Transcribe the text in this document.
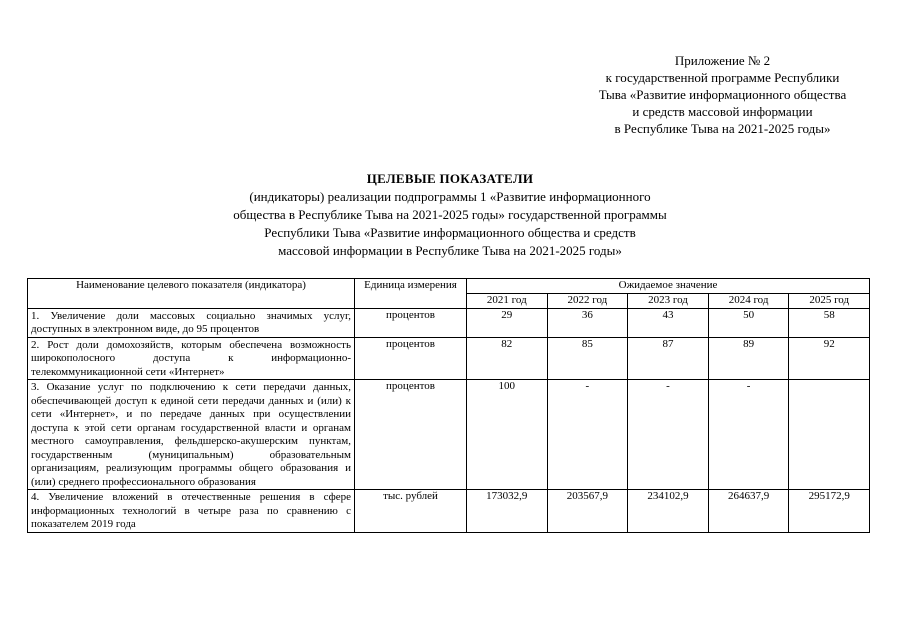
Приложение № 2
к государственной программе Республики
Тыва «Развитие информационного общества
и средств массовой информации
в Республике Тыва на 2021-2025 годы»
ЦЕЛЕВЫЕ ПОКАЗАТЕЛИ
(индикаторы) реализации подпрограммы 1 «Развитие информационного
общества в Республике Тыва на 2021-2025 годы» государственной программы
Республики Тыва «Развитие информационного общества и средств
массовой информации в Республике Тыва на 2021-2025 годы»
Наименование целевого показателя (индикатора)	Единица измерения	Ожидаемое значение				
		2021 год	2022 год	2023 год	2024 год	2025 год
1. Увеличение доли массовых социально значимых услуг, доступных в электронном виде, до 95 процентов	процентов	29	36	43	50	58
2. Рост доли домохозяйств, которым обеспечена возможность широкополосного доступа к информационно-телекоммуникационной сети «Интернет»	процентов	82	85	87	89	92
3. Оказание услуг по подключению к сети передачи данных, обеспечивающей доступ к единой сети передачи данных и (или) к сети «Интернет», и по передаче данных при осуществлении доступа к этой сети органам государственной власти и органам местного самоуправления, фельдшерско-акушерским пунктам, государственным (муниципальным) образовательным организациям, реализующим программы общего образования и (или) среднего профессионального образования	процентов	100	-	-	-	
4. Увеличение вложений в отечественные решения в сфере информационных технологий в четыре раза по сравнению с показателем 2019 года	тыс. рублей	173032,9	203567,9	234102,9	264637,9	295172,9
